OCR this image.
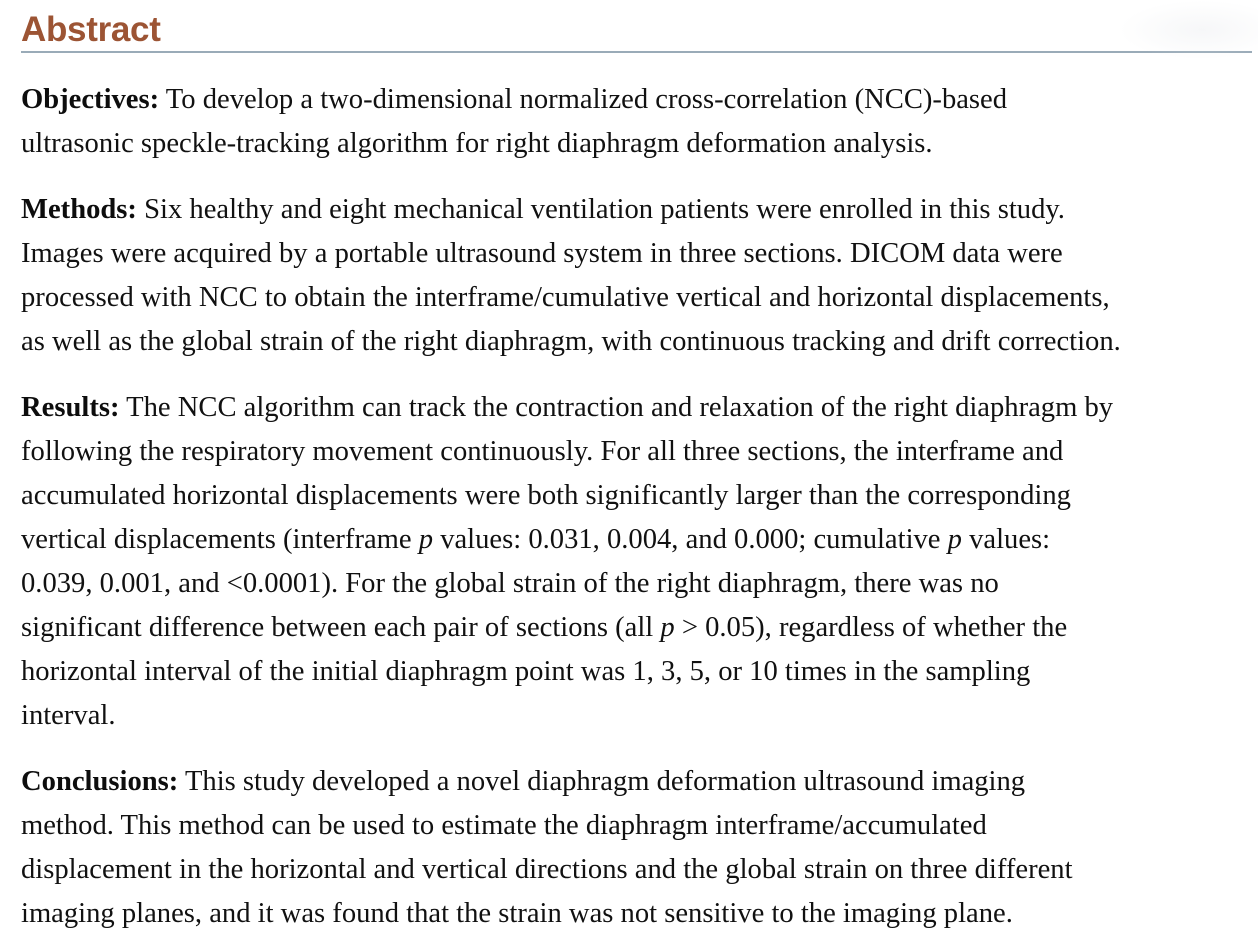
Abstract

Objectives: To develop a two-dimensional normalized cross-correlation (NCC)-based
ultrasonic speckle-tracking algorithm for right diaphragm deformation analysis.

Methods: Six healthy and eight mechanical ventilation patients were enrolled in this study.
Images were acquired by a portable ultrasound system in three sections. DICOM data were
processed with NCC to obtain the interframe/cumulative vertical and horizontal displacements,
as well as the global strain of the right diaphragm, with continuous tracking and drift correction.

Results: The NCC algorithm can track the contraction and relaxation of the right diaphragm by
following the respiratory movement continuously. For all three sections, the interframe and
accumulated horizontal displacements were both significantly larger than the corresponding
vertical displacements (interframe p values: 0.031, 0.004, and 0.000; cumulative p values:
0.039, 0.001, and <0.0001). For the global strain of the right diaphragm, there was no
significant difference between each pair of sections (all p > 0.05), regardless of whether the
horizontal interval of the initial diaphragm point was 1, 3, 5, or 10 times in the sampling
interval.

Conclusions: This study developed a novel diaphragm deformation ultrasound imaging
method. This method can be used to estimate the diaphragm interframe/accumulated
displacement in the horizontal and vertical directions and the global strain on three different
imaging planes, and it was found that the strain was not sensitive to the imaging plane.
